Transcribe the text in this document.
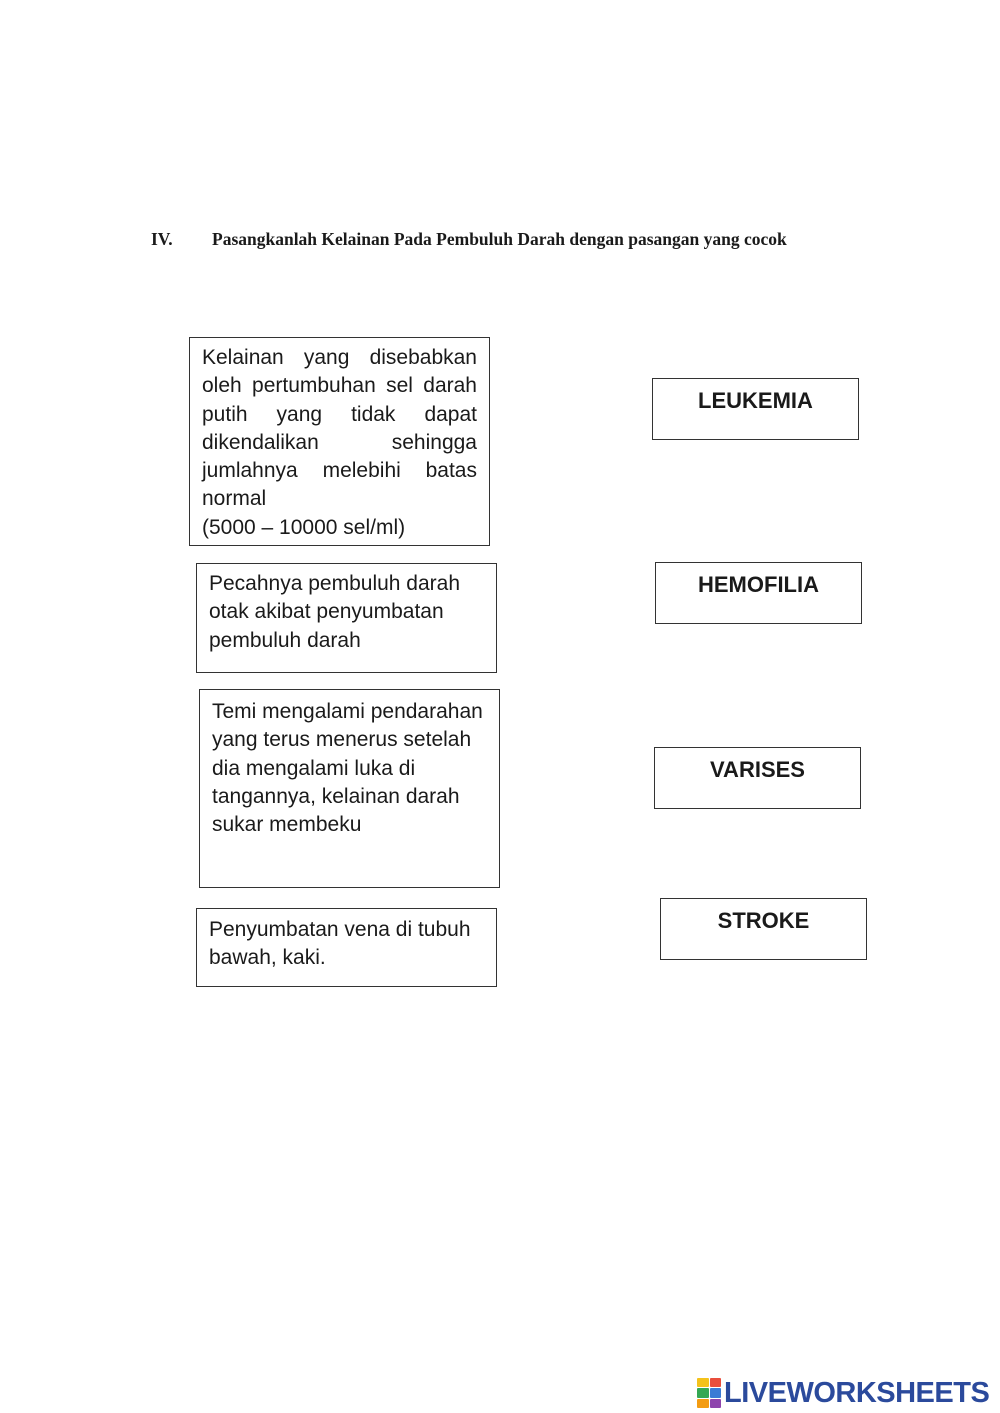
IV. Pasangkanlah Kelainan Pada Pembuluh Darah dengan pasangan yang cocok
Kelainan yang disebabkan oleh pertumbuhan sel darah putih yang tidak dapat dikendalikan	sehingga jumlahnya melebihi batas normal
(5000 – 10000 sel/ml)
Pecahnya pembuluh darah otak akibat penyumbatan pembuluh darah
Temi mengalami pendarahan yang terus menerus setelah dia mengalami luka di tangannya, kelainan darah sukar membeku
Penyumbatan vena di tubuh bawah, kaki.
LEUKEMIA
HEMOFILIA
VARISES
STROKE
LIVEWORKSHEETS
